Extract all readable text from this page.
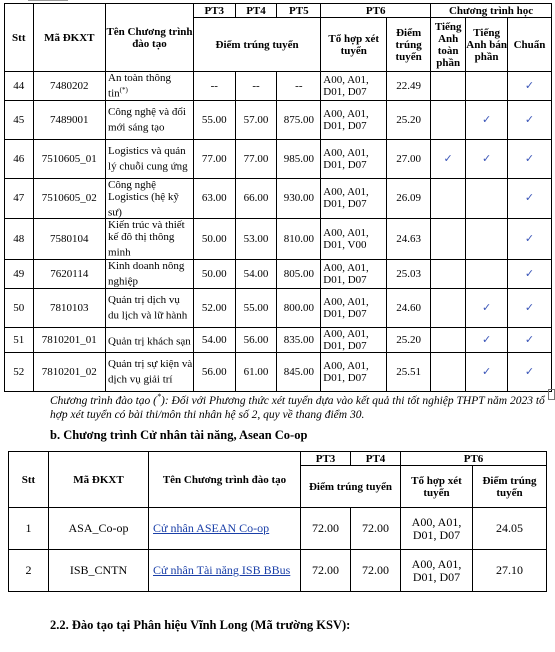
Stt	Mã ĐKXT	Tên Chương trình đào tạo	PT3	PT4	PT5	PT6		Chương trình học		
			Điểm trúng tuyển			Tổ hợp xét tuyển	Điểm trúng tuyển	Tiếng Anh toàn phần	Tiếng Anh bán phần	Chuẩn
44	7480202	An toàn thông tin(*)	--	--	--	A00, A01, D01, D07	22.49			✓
45	7489001	Công nghệ và đổi mới sáng tạo	55.00	57.00	875.00	A00, A01, D01, D07	25.20		✓	✓
46	7510605_01	Logistics và quản lý chuỗi cung ứng	77.00	77.00	985.00	A00, A01, D01, D07	27.00	✓	✓	✓
47	7510605_02	Công nghệ Logistics (hệ kỹ sư)	63.00	66.00	930.00	A00, A01, D01, D07	26.09			✓
48	7580104	Kiến trúc và thiết kế đô thị thông minh	50.00	53.00	810.00	A00, A01, D01, V00	24.63			✓
49	7620114	Kinh doanh nông nghiệp	50.00	54.00	805.00	A00, A01, D01, D07	25.03			✓
50	7810103	Quản trị dịch vụ du lịch và lữ hành	52.00	55.00	800.00	A00, A01, D01, D07	24.60		✓	✓
51	7810201_01	Quản trị khách sạn	54.00	56.00	835.00	A00, A01, D01, D07	25.20		✓	✓
52	7810201_02	Quản trị sự kiện và dịch vụ giải trí	56.00	61.00	845.00	A00, A01, D01, D07	25.51		✓	✓
Chương trình đào tạo (*): Đối với Phương thức xét tuyển dựa vào kết quả thi tốt nghiệp THPT năm 2023 tổ hợp xét tuyển có bài thi/môn thi nhân hệ số 2, quy về thang điểm 30.
b. Chương trình Cử nhân tài năng, Asean Co-op
Stt	Mã ĐKXT	Tên Chương trình đào tạo	PT3	PT4	PT6	
			Điểm trúng tuyển		Tổ hợp xét tuyển	Điểm trúng tuyển
1	ASA_Co-op	Cử nhân ASEAN Co-op	72.00	72.00	A00, A01, D01, D07	24.05
2	ISB_CNTN	Cử nhân Tài năng ISB BBus	72.00	72.00	A00, A01, D01, D07	27.10
2.2. Đào tạo tại Phân hiệu Vĩnh Long (Mã trường KSV):
